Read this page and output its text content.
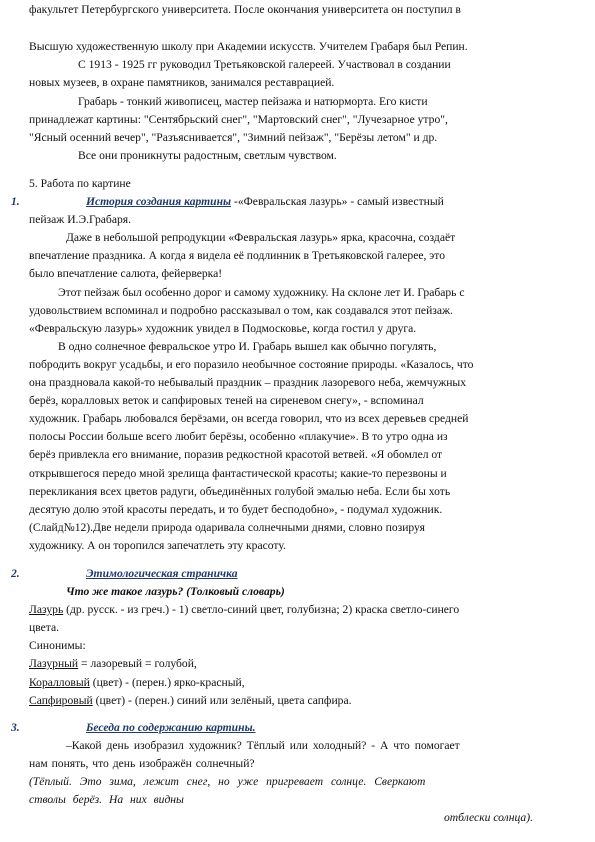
факультет Петербургского университета. После окончания университета он поступил в
Высшую художественную школу при Академии искусств. Учителем Грабаря был Репин.
С 1913 - 1925 гг руководил Третьяковской галереей. Участвовал в создании
новых музеев, в охране памятников, занимался реставрацией.
Грабарь - тонкий живописец, мастер пейзажа и натюрморта. Его кисти
принадлежат картины: "Сентябрьский снег", "Мартовский снег", "Лучезарное утро",
"Ясный осенний вечер", "Разъяснивается", "Зимний пейзаж", "Берёзы летом" и др.
Все они проникнуты радостным, светлым чувством.
5. Работа по картине
1.	История создания картины -«Февральская лазурь» - самый известный
пейзаж И.Э.Грабаря.
Даже в небольшой репродукции «Февральская лазурь» ярка, красочна, создаёт
впечатление праздника. А когда я видела её подлинник в Третьяковской галерее, это
было впечатление салюта, фейерверка!
Этот пейзаж был особенно дорог и самому художнику. На склоне лет И. Грабарь с
удовольствием вспоминал и подробно рассказывал о том, как создавался этот пейзаж.
«Февральскую лазурь» художник увидел в Подмосковье, когда гостил у друга.
В одно солнечное февральское утро И. Грабарь вышел как обычно погулять,
побродить вокруг усадьбы, и его поразило необычное состояние природы. «Казалось, что
она праздновала какой-то небывалый праздник – праздник лазоревого неба, жемчужных
берёз, коралловых веток и сапфировых теней на сиреневом снегу», - вспоминал
художник. Грабарь любовался берёзами, он всегда говорил, что из всех деревьев средней
полосы России больше всего любит берёзы, особенно «плакучие». В то утро одна из
берёз привлекла его внимание, поразив редкостной красотой ветвей. «Я обомлел от
открывшегося передо мной зрелища фантастической красоты; какие-то перезвоны и
перекликания всех цветов радуги, объединённых голубой эмалью неба. Если бы хоть
десятую долю этой красоты передать, и то будет бесподобно», - подумал художник.
(Слайд№12).Две недели природа одаривала солнечными днями, словно позируя
художнику. А он торопился запечатлеть эту красоту.
2.	Этимологическая страничка
Что же такое лазурь? (Толковый словарь)
Лазурь (др. русск. - из греч.) - 1) светло-синий цвет, голубизна; 2) краска светло-синего
цвета.
Синонимы:
Лазурный = лазоревый = голубой,
Коралловый (цвет) - (перен.) ярко-красный,
Сапфировый (цвет) - (перен.) синий или зелёный, цвета сапфира.
3.	Беседа по содержанию картины.
–Какой день изобразил художник? Тёплый или холодный? - А что помогает
нам понять, что день изображён солнечный?
(Тёплый. Это зима, лежит снег, но уже пригревает солнце. Сверкают
стволы берёз. На них видны
отблески солнца).
